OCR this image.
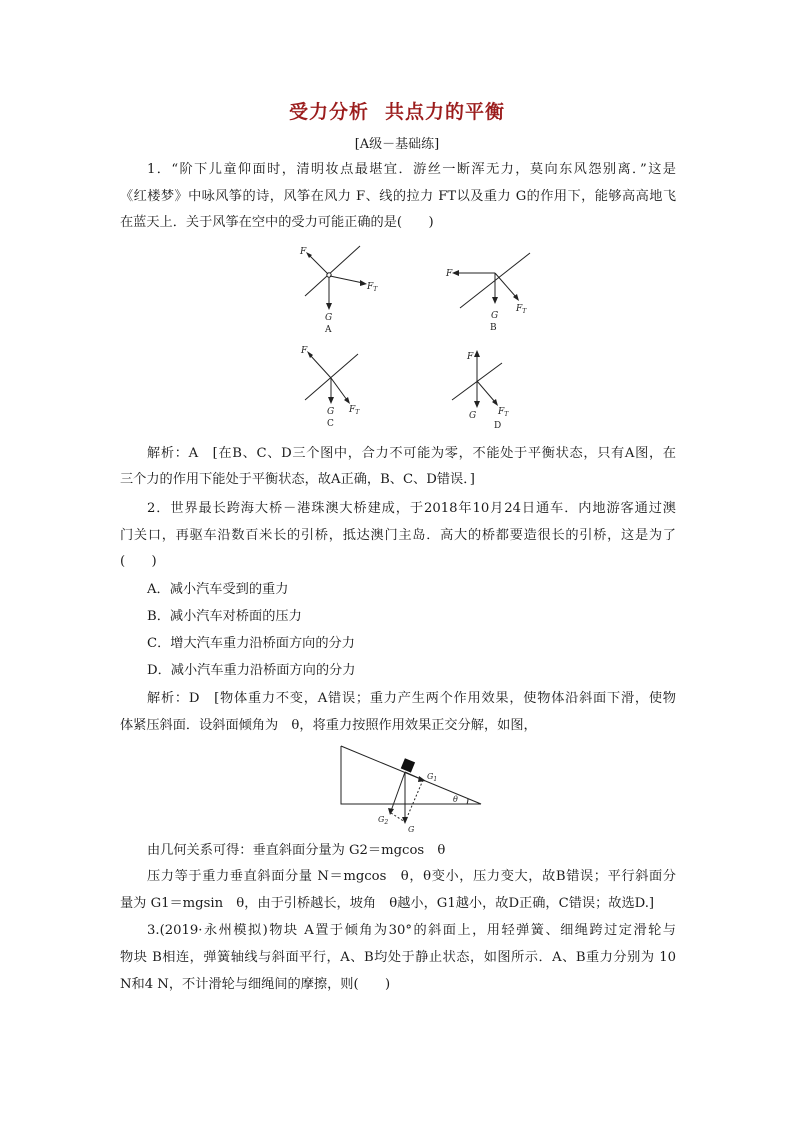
受力分析 共点力的平衡
[A级－基础练]
1．“阶下儿童仰面时，清明妆点最堪宜．游丝一断浑无力，莫向东风怨别离．”这是
《红楼梦》中咏风筝的诗，风筝在风力 F、线的拉力 FT以及重力 G的作用下，能够高高地飞
在蓝天上．关于风筝在空中的受力可能正确的是(　　)
F
$F_T$
G
A
F
$F_T$
G
B
F
$F_T$
G
C
F
$F_T$
G
D
解析：A　[在B、C、D三个图中，合力不可能为零，不能处于平衡状态，只有A图，在
三个力的作用下能处于平衡状态，故A正确，B、C、D错误．]
2．世界最长跨海大桥－港珠澳大桥建成，于2018年10月24日通车．内地游客通过澳
门关口，再驱车沿数百米长的引桥，抵达澳门主岛．高大的桥都要造很长的引桥，这是为了
(　　)
A．减小汽车受到的重力
B．减小汽车对桥面的压力
C．增大汽车重力沿桥面方向的分力
D．减小汽车重力沿桥面方向的分力
解析：D　[物体重力不变，A错误；重力产生两个作用效果，使物体沿斜面下滑，使物
体紧压斜面．设斜面倾角为　θ，将重力按照作用效果正交分解，如图，
$G_1$
$G_2$
G
θ
由几何关系可得：垂直斜面分量为 G2＝mgcos　θ
压力等于重力垂直斜面分量 N＝mgcos　θ，θ变小，压力变大，故B错误；平行斜面分
量为 G1＝mgsin　θ，由于引桥越长，坡角　θ越小，G1越小，故D正确，C错误；故选D.]
3.(2019·永州模拟)物块 A置于倾角为30°的斜面上，用轻弹簧、细绳跨过定滑轮与
物块 B相连，弹簧轴线与斜面平行，A、B均处于静止状态，如图所示．A、B重力分别为 10
N和4 N，不计滑轮与细绳间的摩擦，则(　　)
